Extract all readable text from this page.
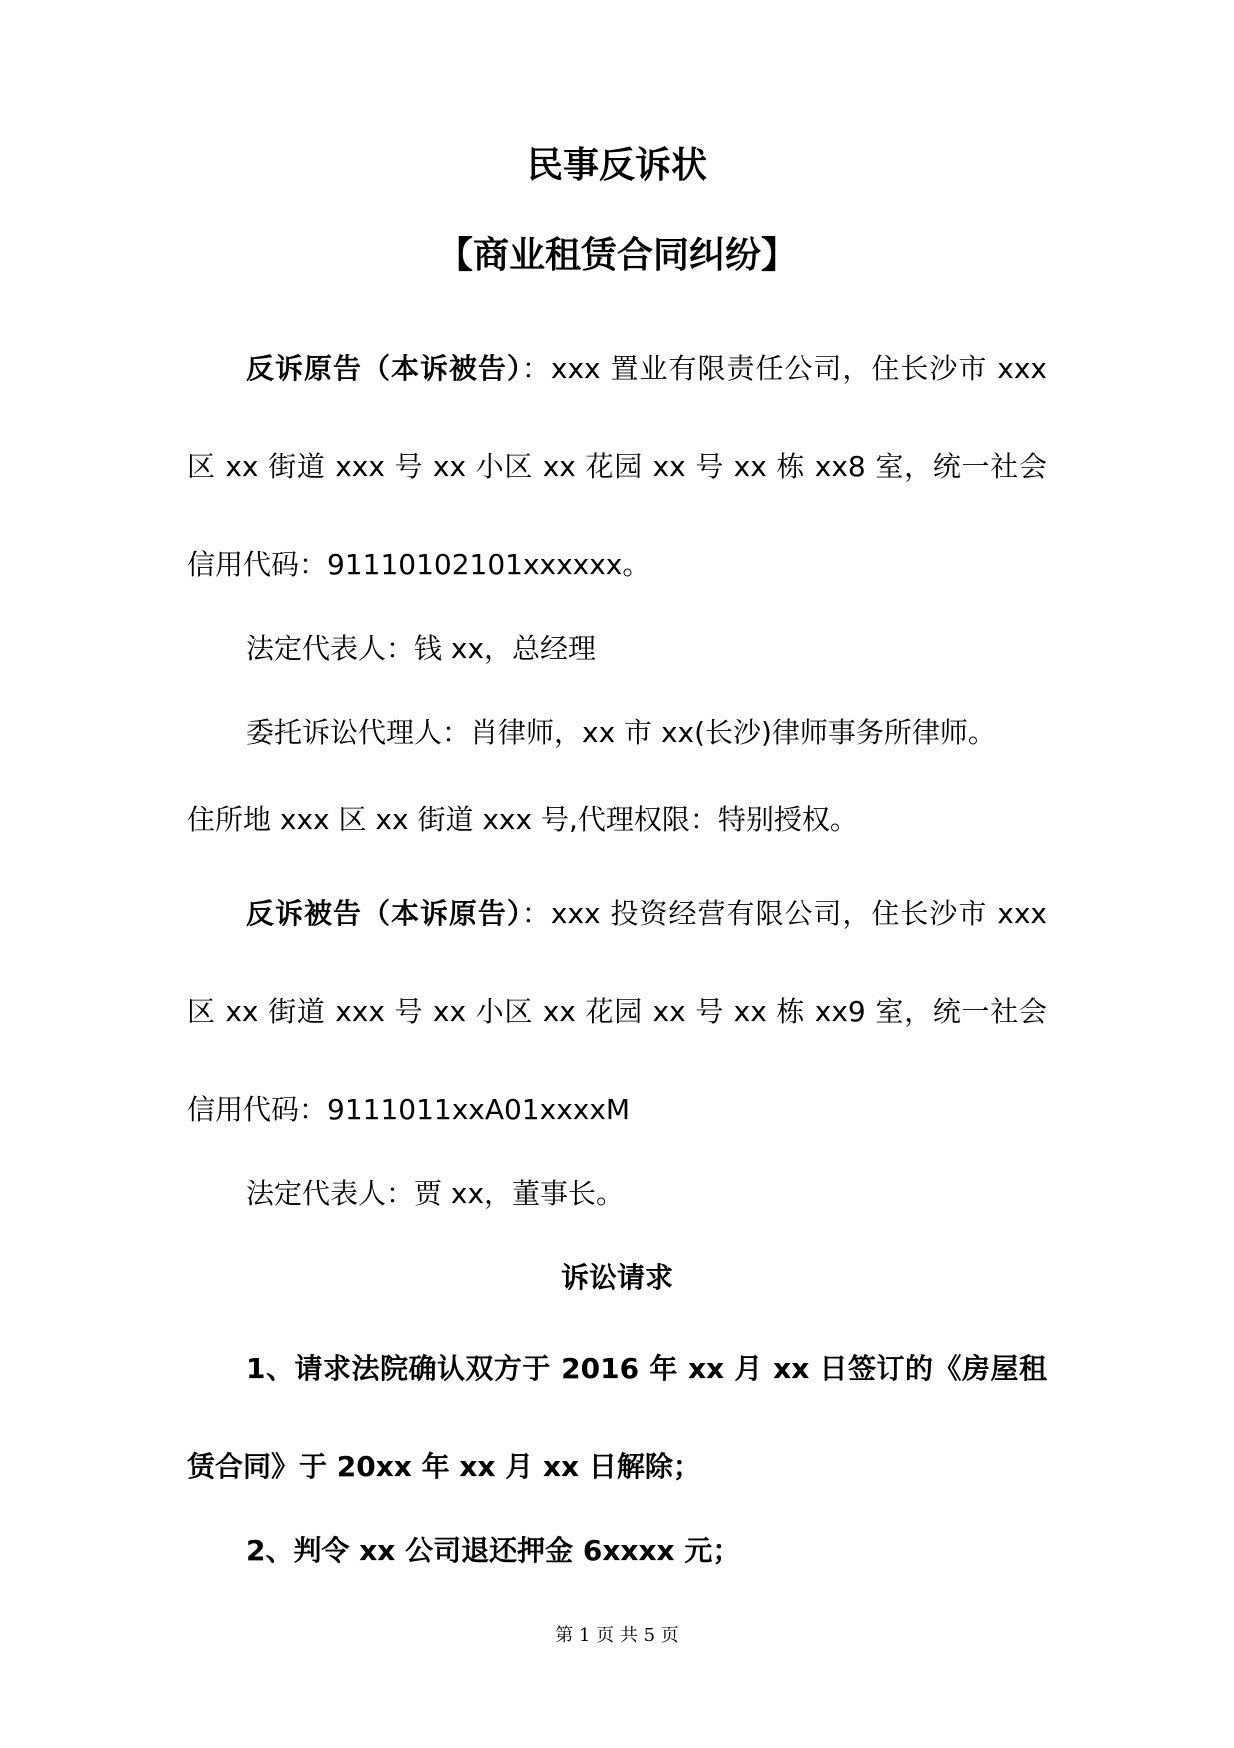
民事反诉状
【商业租赁合同纠纷】

反诉原告（本诉被告）：xxx 置业有限责任公司，住长沙市 xxx 区 xx 街道 xxx 号 xx 小区 xx 花园 xx 号 xx 栋 xx8 室，统一社会信用代码：91110102101xxxxxx。

法定代表人：钱 xx，总经理

委托诉讼代理人：肖律师，xx 市 xx(长沙)律师事务所律师。

住所地 xxx 区 xx 街道 xxx 号,代理权限：特别授权。

反诉被告（本诉原告）：xxx 投资经营有限公司，住长沙市 xxx 区 xx 街道 xxx 号 xx 小区 xx 花园 xx 号 xx 栋 xx9 室，统一社会信用代码：9111011xxA01xxxxM

法定代表人：贾 xx，董事长。

诉讼请求

1、请求法院确认双方于 2016 年 xx 月 xx 日签订的《房屋租赁合同》于 20xx 年 xx 月 xx 日解除；

2、判令 xx 公司退还押金 6xxxx 元；

第 1 页 共 5 页
